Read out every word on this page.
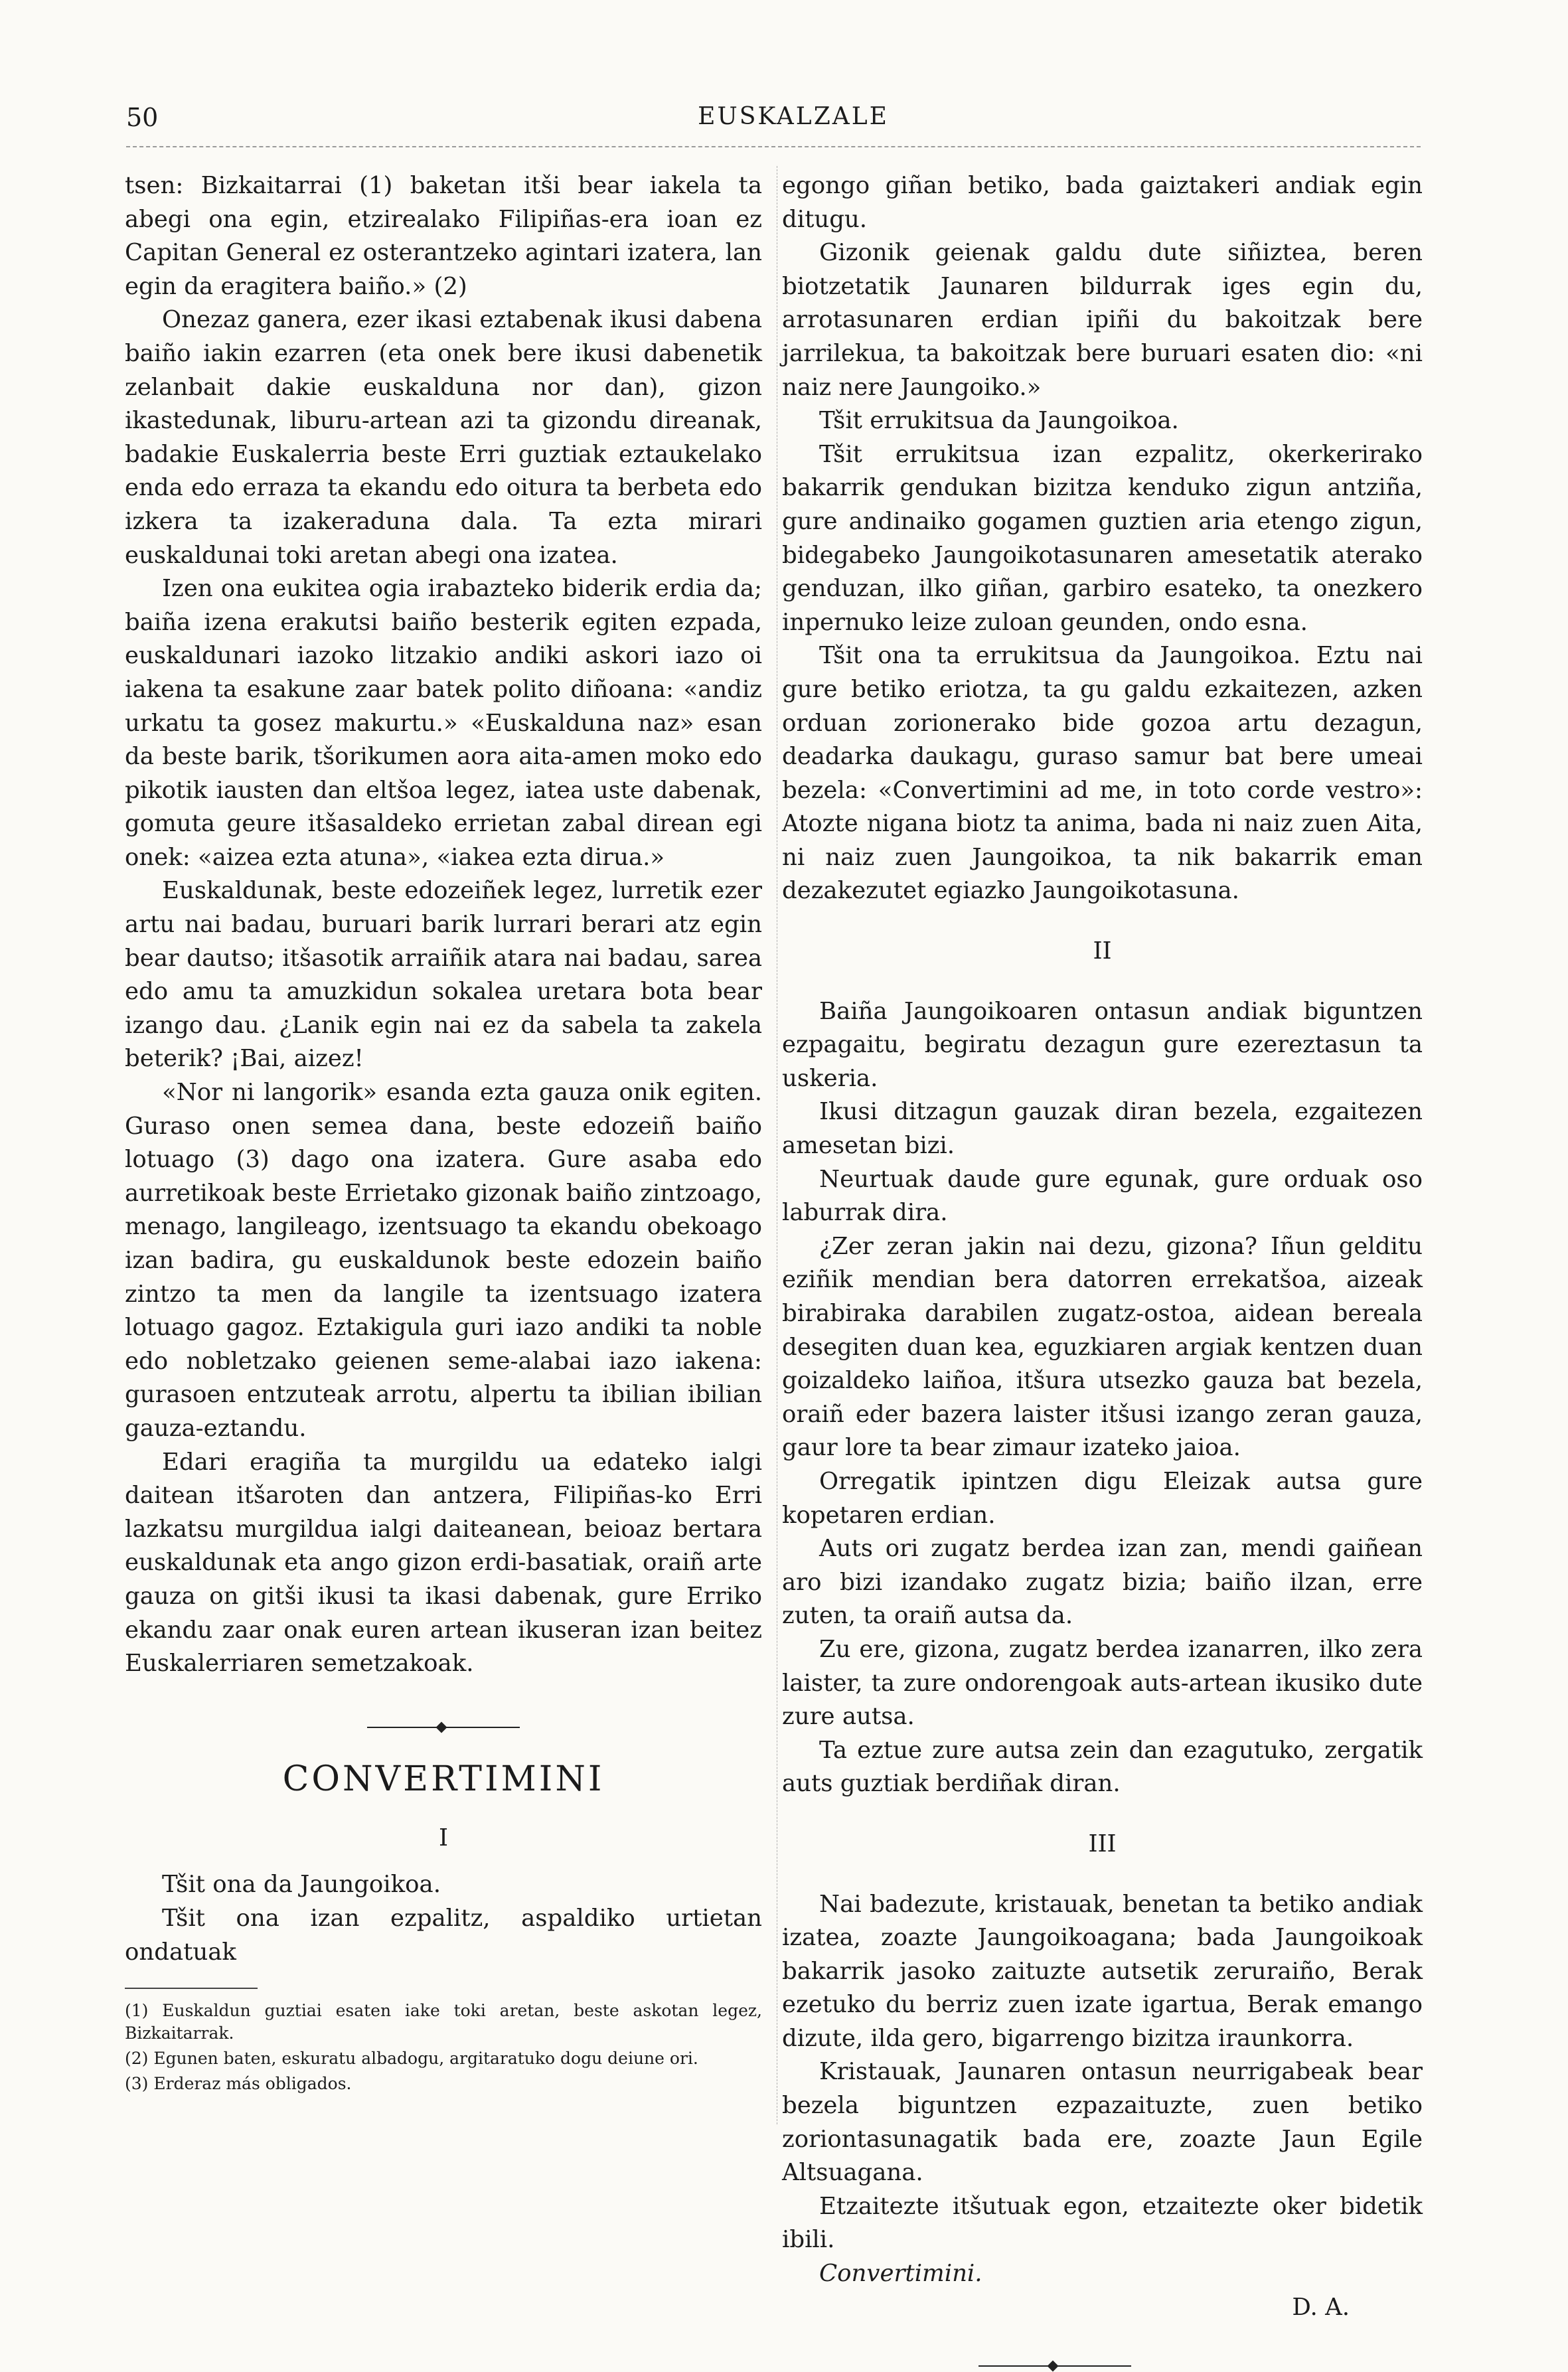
50	EUSKALZALE

tsen: Bizkaitarrai (1) baketan itši bear iakela ta abegi ona egin, etzirealako Filipiñas-era ioan ez Capitan General ez osterantzeko agintari izatera, lan egin da eragitera baiño.» (2)

Onezaz ganera, ezer ikasi eztabenak ikusi dabena baiño iakin ezarren (eta onek bere ikusi dabenetik zelanbait dakie euskalduna nor dan), gizon ikastedunak, liburu-artean azi ta gizondu direanak, badakie Euskalerria beste Erri guztiak eztaukelako enda edo erraza ta ekandu edo oitura ta berbeta edo izkera ta izakeraduna dala. Ta ezta mirari euskaldunai toki aretan abegi ona izatea.

Izen ona eukitea ogia irabazteko biderik erdia da; baiña izena erakutsi baiño besterik egiten ezpada, euskaldunari iazoko litzakio andiki askori iazo oi iakena ta esakune zaar batek polito diñoana: «andiz urkatu ta gosez makurtu.» «Euskalduna naz» esan da beste barik, tšorikumen aora aita-amen moko edo pikotik iausten dan eltšoa legez, iatea uste dabenak, gomuta geure itšasaldeko errietan zabal direan egi onek: «aizea ezta atuna», «iakea ezta dirua.»

Euskaldunak, beste edozeiñek legez, lurretik ezer artu nai badau, buruari barik lurrari berari atz egin bear dautso; itšasotik arraiñik atara nai badau, sarea edo amu ta amuzkidun sokalea uretara bota bear izango dau. ¿Lanik egin nai ez da sabela ta zakela beterik? ¡Bai, aizez!

«Nor ni langorik» esanda ezta gauza onik egiten. Guraso onen semea dana, beste edozeiñ baiño lotuago (3) dago ona izatera. Gure asaba edo aurretikoak beste Errietako gizonak baiño zintzoago, menago, langileago, izentsuago ta ekandu obekoago izan badira, gu euskaldunok beste edozein baiño zintzo ta men da langile ta izentsuago izatera lotuago gagoz. Eztakigula guri iazo andiki ta noble edo nobletzako geienen seme-alabai iazo iakena: gurasoen entzuteak arrotu, alpertu ta ibilian ibilian gauza-eztandu.

Edari eragiña ta murgildu ua edateko ialgi daitean itšaroten dan antzera, Filipiñas-ko Erri lazkatsu murgildua ialgi daiteanean, beioaz bertara euskaldunak eta ango gizon erdi-basatiak, oraiñ arte gauza on gitši ikusi ta ikasi dabenak, gure Erriko ekandu zaar onak euren artean ikuseran izan beitez Euskalerriaren semetzakoak.

CONVERTIMINI

I

Tšit ona da Jaungoikoa.

Tšit ona izan ezpalitz, aspaldiko urtietan ondatuak

(1) Euskaldun guztiai esaten iake toki aretan, beste askotan legez, Bizkaitarrak.

(2) Egunen baten, eskuratu albadogu, argitaratuko dogu deiune ori.

(3) Erderaz más obligados.

egongo giñan betiko, bada gaiztakeri andiak egin ditugu.

Gizonik geienak galdu dute siñiztea, beren biotzetatik Jaunaren bildurrak iges egin du, arrotasunaren erdian ipiñi du bakoitzak bere jarrilekua, ta bakoitzak bere buruari esaten dio: «ni naiz nere Jaungoiko.»

Tšit errukitsua da Jaungoikoa.

Tšit errukitsua izan ezpalitz, okerkerirako bakarrik gendukan bizitza kenduko zigun antziña, gure andinaiko gogamen guztien aria etengo zigun, bidegabeko Jaungoikotasunaren amesetatik aterako genduzan, ilko giñan, garbiro esateko, ta onezkero inpernuko leize zuloan geunden, ondo esna.

Tšit ona ta errukitsua da Jaungoikoa. Eztu nai gure betiko eriotza, ta gu galdu ezkaitezen, azken orduan zorionerako bide gozoa artu dezagun, deadarka daukagu, guraso samur bat bere umeai bezela: «Convertimini ad me, in toto corde vestro»: Atozte nigana biotz ta anima, bada ni naiz zuen Aita, ni naiz zuen Jaungoikoa, ta nik bakarrik eman dezakezutet egiazko Jaungoikotasuna.

II

Baiña Jaungoikoaren ontasun andiak biguntzen ezpagaitu, begiratu dezagun gure ezereztasun ta uskeria.

Ikusi ditzagun gauzak diran bezela, ezgaitezen amesetan bizi.

Neurtuak daude gure egunak, gure orduak oso laburrak dira.

¿Zer zeran jakin nai dezu, gizona? Iñun gelditu eziñik mendian bera datorren errekatšoa, aizeak birabiraka darabilen zugatz-ostoa, aidean bereala desegiten duan kea, eguzkiaren argiak kentzen duan goizaldeko laiñoa, itšura utsezko gauza bat bezela, oraiñ eder bazera laister itšusi izango zeran gauza, gaur lore ta bear zimaur izateko jaioa.

Orregatik ipintzen digu Eleizak autsa gure kopetaren erdian.

Auts ori zugatz berdea izan zan, mendi gaiñean aro bizi izandako zugatz bizia; baiño ilzan, erre zuten, ta oraiñ autsa da.

Zu ere, gizona, zugatz berdea izanarren, ilko zera laister, ta zure ondorengoak auts-artean ikusiko dute zure autsa.

Ta eztue zure autsa zein dan ezagutuko, zergatik auts guztiak berdiñak diran.

III

Nai badezute, kristauak, benetan ta betiko andiak izatea, zoazte Jaungoikoagana; bada Jaungoikoak bakarrik jasoko zaituzte autsetik zeruraiño, Berak ezetuko du berriz zuen izate igartua, Berak emango dizute, ilda gero, bigarrengo bizitza iraunkorra.

Kristauak, Jaunaren ontasun neurrigabeak bear bezela biguntzen ezpazaituzte, zuen betiko zoriontasunagatik bada ere, zoazte Jaun Egile Altsuagana.

Etzaitezte itšutuak egon, etzaitezte oker bidetik ibili.

Convertimini.

D. A.
